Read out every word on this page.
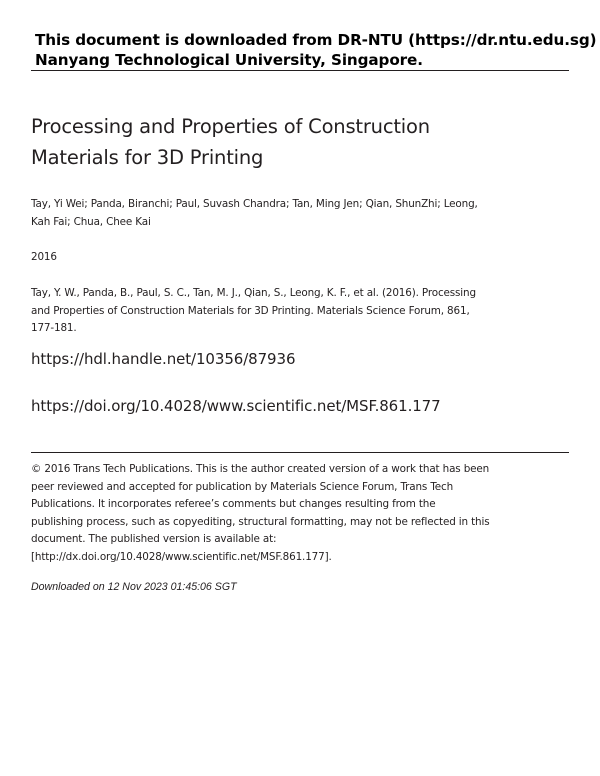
This document is downloaded from DR-NTU (https://dr.ntu.edu.sg)
Nanyang Technological University, Singapore.
Processing and Properties of Construction
Materials for 3D Printing
Tay, Yi Wei; Panda, Biranchi; Paul, Suvash Chandra; Tan, Ming Jen; Qian, ShunZhi; Leong,
Kah Fai; Chua, Chee Kai
2016
Tay, Y. W., Panda, B., Paul, S. C., Tan, M. J., Qian, S., Leong, K. F., et al. (2016). Processing
and Properties of Construction Materials for 3D Printing. Materials Science Forum, 861,
177-181.
https://hdl.handle.net/10356/87936
https://doi.org/10.4028/www.scientific.net/MSF.861.177
© 2016 Trans Tech Publications. This is the author created version of a work that has been
peer reviewed and accepted for publication by Materials Science Forum, Trans Tech
Publications. It incorporates referee’s comments but changes resulting from the
publishing process, such as copyediting, structural formatting, may not be reflected in this
document. The published version is available at:
[http://dx.doi.org/10.4028/www.scientific.net/MSF.861.177].
Downloaded on 12 Nov 2023 01:45:06 SGT
